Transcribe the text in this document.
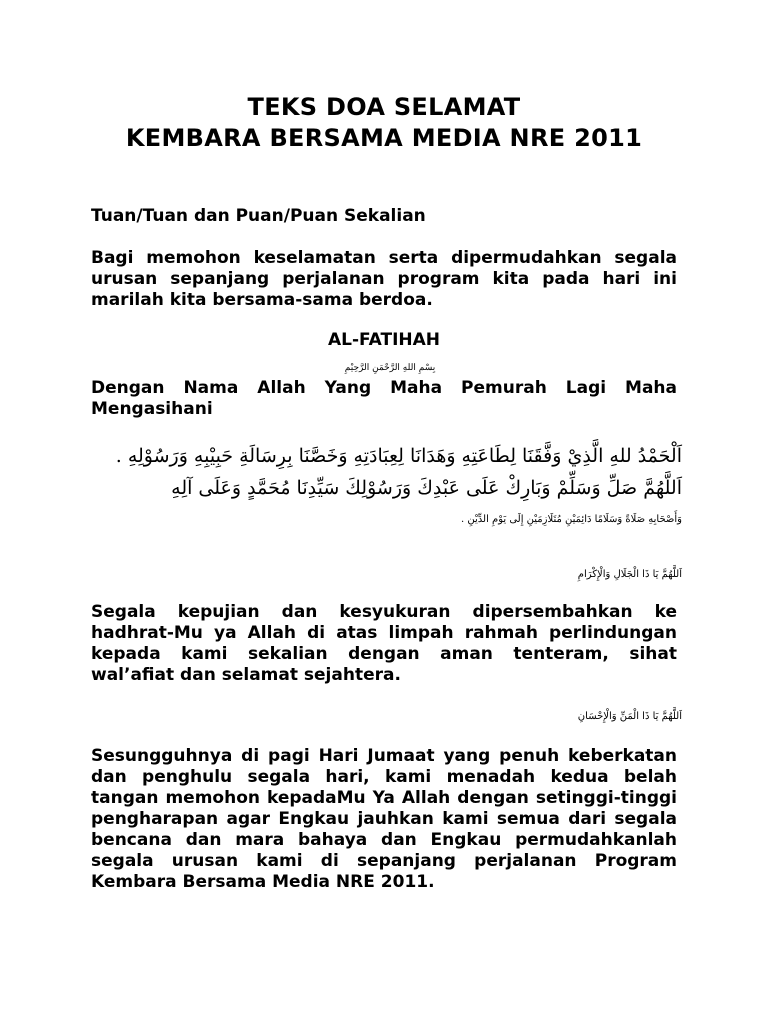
TEKS DOA SELAMAT
KEMBARA BERSAMA MEDIA NRE 2011
Tuan/Tuan dan Puan/Puan Sekalian
Bagi memohon keselamatan serta dipermudahkan segala urusan sepanjang perjalanan program kita pada hari ini marilah kita bersama-sama berdoa.
AL-FATIHAH
بِسْمِ اللهِ الرَّحْمَنِ الرَّحِيْمِ
Dengan Nama Allah Yang Maha Pemurah Lagi Maha Mengasihani
اَلْحَمْدُ للهِ الَّذِيْ وَفَّقَنَا لِطَاعَتِهِ وَهَدَانَا لِعِبَادَتِهِ وَخَصَّنَا بِرِسَالَةِ حَبِيْبِهِ وَرَسُوْلِهِ .
اَللَّهُمَّ صَلِّ وَسَلِّمْ وَبَارِكْ عَلَى عَبْدِكَ وَرَسُوْلِكَ سَيِّدِنَا مُحَمَّدٍ وَعَلَى آلِهِ
وَأَصْحَابِهِ صَلَاةً وَسَلَامًا دَائِمَيْنِ مُتَلَازِمَيْنِ إِلَى يَوْمِ الدِّيْنِ .
اَللَّهُمَّ يَا ذَا الْجَلَالِ وَالْإِكْرَامِ
Segala kepujian dan kesyukuran dipersembahkan ke hadhrat-Mu ya Allah di atas limpah rahmah perlindungan kepada kami sekalian dengan aman tenteram, sihat wal’afiat dan selamat sejahtera.
اَللَّهُمَّ يَا ذَا الْمَنِّ وَالْإِحْسَانِ
Sesungguhnya di pagi Hari Jumaat yang penuh keberkatan dan penghulu segala hari, kami menadah kedua belah tangan memohon kepadaMu Ya Allah dengan setinggi-tinggi pengharapan agar Engkau jauhkan kami semua dari segala bencana dan mara bahaya dan Engkau permudahkanlah segala urusan kami di sepanjang perjalanan Program Kembara Bersama Media NRE 2011.
